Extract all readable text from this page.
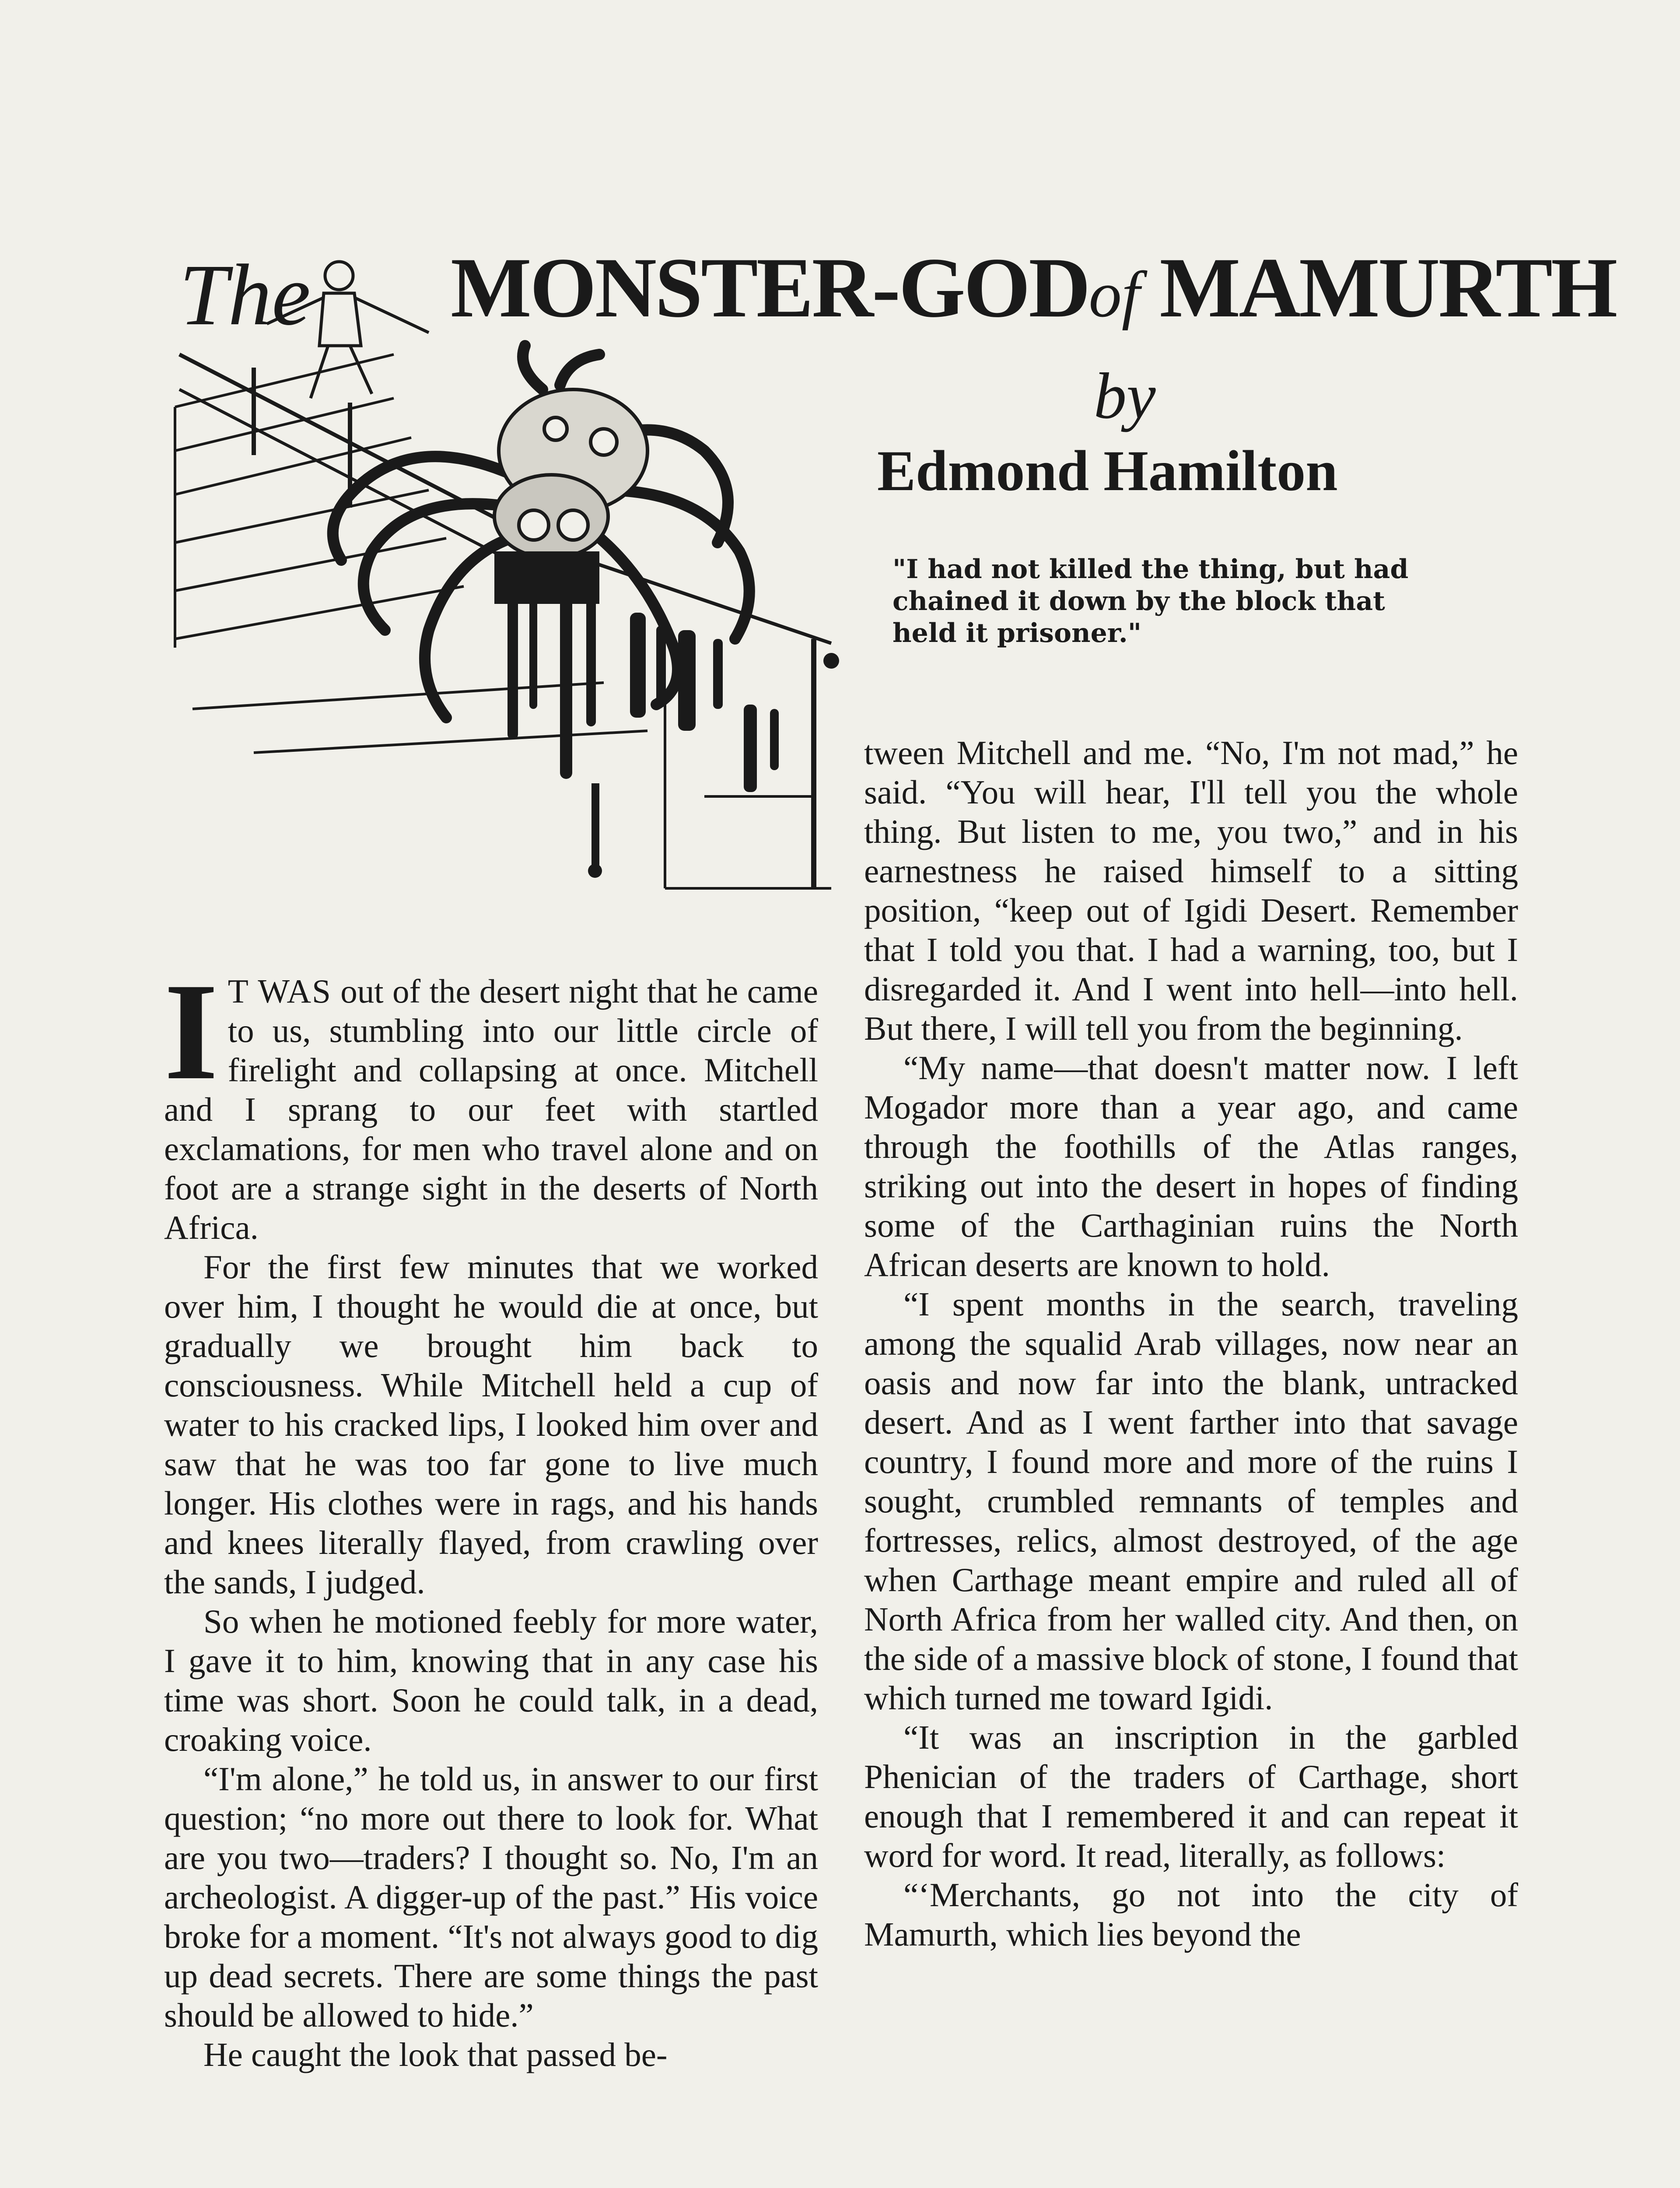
The MONSTER-GODof MAMURTH
by
Edmond Hamilton
"I had not killed the thing, but had chained it down by the block that held it prisoner."

I T WAS out of the desert night that he came to us, stumbling into our little circle of firelight and collapsing at once. Mitchell and I sprang to our feet with startled exclamations, for men who travel alone and on foot are a strange sight in the deserts of North Africa.

For the first few minutes that we worked over him, I thought he would die at once, but gradually we brought him back to consciousness. While Mitchell held a cup of water to his cracked lips, I looked him over and saw that he was too far gone to live much longer. His clothes were in rags, and his hands and knees literally flayed, from crawling over the sands, I judged.

So when he motioned feebly for more water, I gave it to him, knowing that in any case his time was short. Soon he could talk, in a dead, croaking voice.

“I'm alone,” he told us, in answer to our first question; “no more out there to look for. What are you two—traders? I thought so. No, I'm an archeologist. A digger-up of the past.” His voice broke for a moment. “It's not always good to dig up dead secrets. There are some things the past should be allowed to hide.”

He caught the look that passed be-

tween Mitchell and me. “No, I'm not mad,” he said. “You will hear, I'll tell you the whole thing. But listen to me, you two,” and in his earnestness he raised himself to a sitting position, “keep out of Igidi Desert. Remember that I told you that. I had a warning, too, but I disregarded it. And I went into hell—into hell. But there, I will tell you from the beginning.

“My name—that doesn't matter now. I left Mogador more than a year ago, and came through the foothills of the Atlas ranges, striking out into the desert in hopes of finding some of the Carthaginian ruins the North African deserts are known to hold.

“I spent months in the search, traveling among the squalid Arab villages, now near an oasis and now far into the blank, untracked desert. And as I went farther into that savage country, I found more and more of the ruins I sought, crumbled remnants of temples and fortresses, relics, almost destroyed, of the age when Carthage meant empire and ruled all of North Africa from her walled city. And then, on the side of a massive block of stone, I found that which turned me toward Igidi.

“It was an inscription in the garbled Phenician of the traders of Carthage, short enough that I remembered it and can repeat it word for word. It read, literally, as follows:

“‘Merchants, go not into the city of Mamurth, which lies beyond the
